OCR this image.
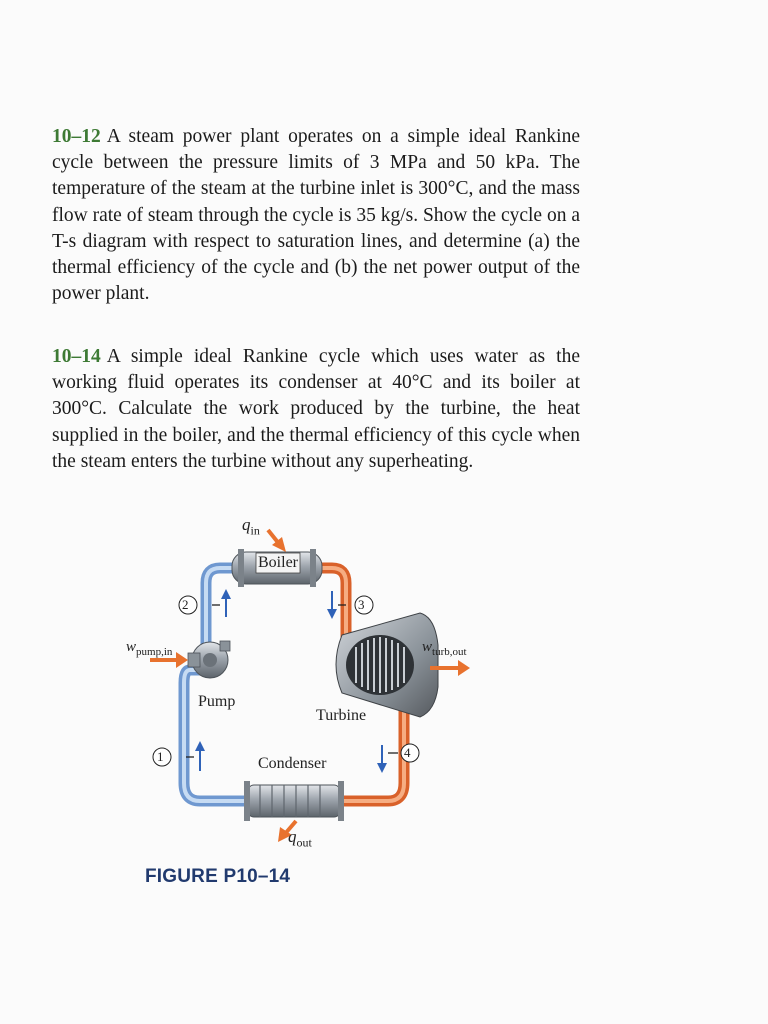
10–12 A steam power plant operates on a simple ideal Rankine cycle between the pressure limits of 3 MPa and 50 kPa. The temperature of the steam at the turbine inlet is 300°C, and the mass flow rate of steam through the cycle is 35 kg/s. Show the cycle on a T-s diagram with respect to saturation lines, and determine (a) the thermal efficiency of the cycle and (b) the net power output of the power plant.
10–14 A simple ideal Rankine cycle which uses water as the working fluid operates its condenser at 40°C and its boiler at 300°C. Calculate the work produced by the turbine, the heat supplied in the boiler, and the thermal efficiency of this cycle when the steam enters the turbine without any superheating.
$q_{in}$
Boiler
2	3
$w_{pump,in}$	$w_{turb,out}$
Pump
Turbine
1	4
Condenser
$q_{out}$
FIGURE P10–14
